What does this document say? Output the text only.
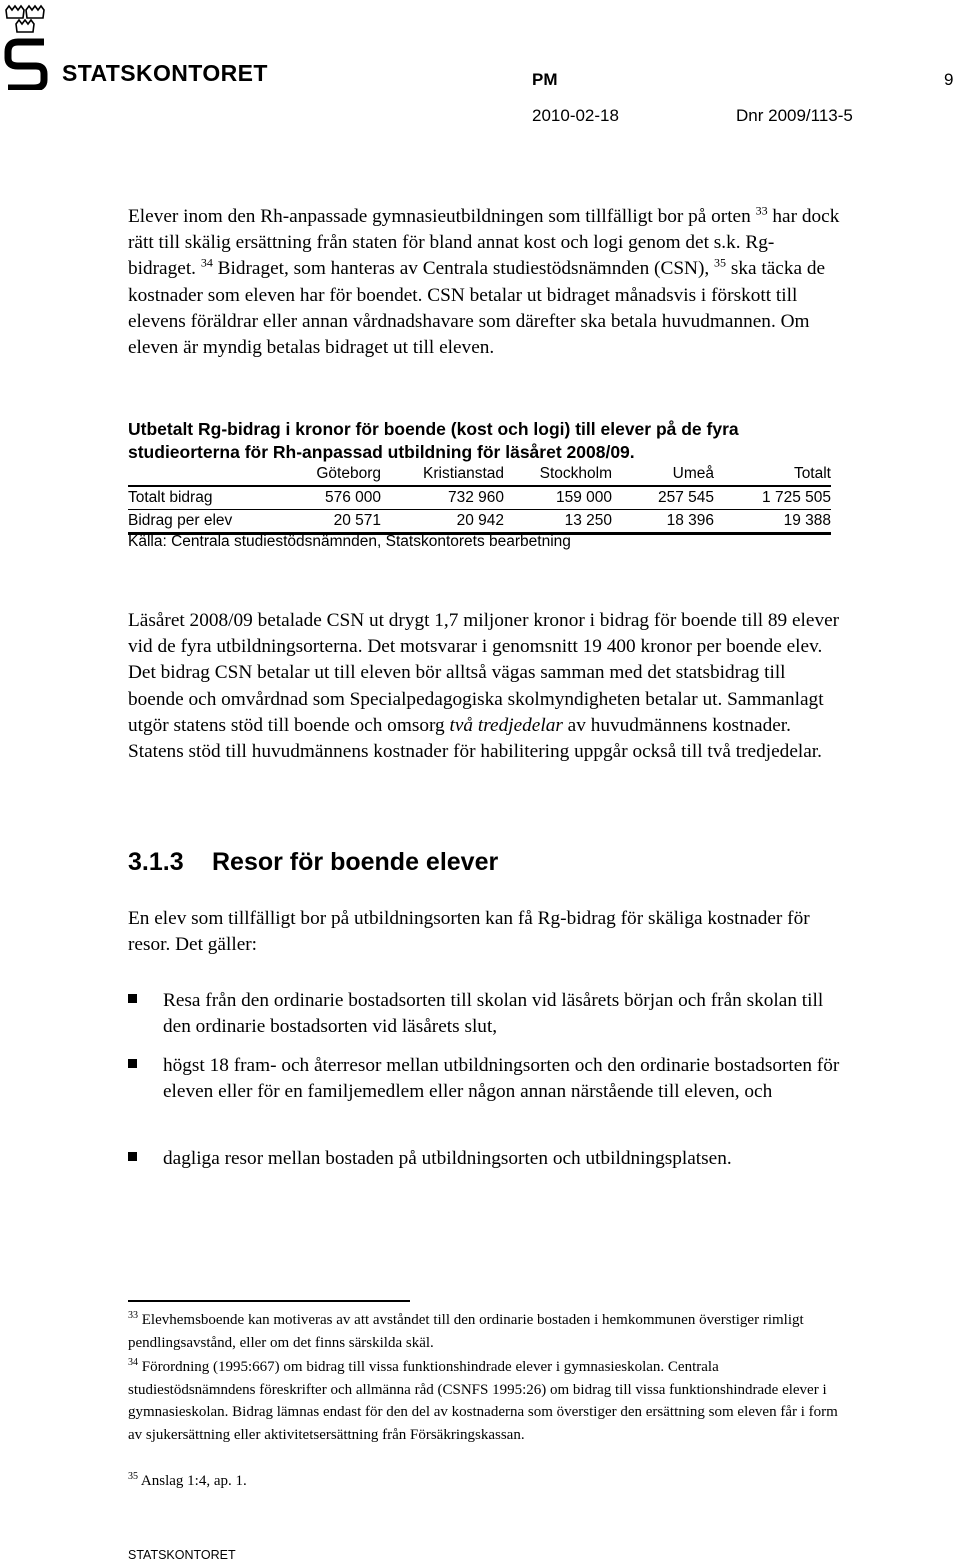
STATSKONTORET	PM	9
2010-02-18	Dnr 2009/113-5
Elever inom den Rh-anpassade gymnasieutbildningen som tillfälligt bor på orten $^{33}$ har dock rätt till skälig ersättning från staten för bland annat kost och logi genom det s.k. Rg-bidraget. $^{34}$ Bidraget, som hanteras av Centrala studiestödsnämnden (CSN), $^{35}$ ska täcka de kostnader som eleven har för boendet. CSN betalar ut bidraget månadsvis i förskott till elevens föräldrar eller annan vårdnadshavare som därefter ska betala huvudmannen. Om eleven är myndig betalas bidraget ut till eleven.
Utbetalt Rg-bidrag i kronor för boende (kost och logi) till elever på de fyra studieorterna för Rh-anpassad utbildning för läsåret 2008/09.
	Göteborg	Kristianstad	Stockholm	Umeå	Totalt
Totalt bidrag	576 000	732 960	159 000	257 545	1 725 505
Bidrag per elev	20 571	20 942	13 250	18 396	19 388
Källa: Centrala studiestödsnämnden, Statskontorets bearbetning
Läsåret 2008/09 betalade CSN ut drygt 1,7 miljoner kronor i bidrag för boende till 89 elever vid de fyra utbildningsorterna. Det motsvarar i genomsnitt 19 400 kronor per boende elev. Det bidrag CSN betalar ut till eleven bör alltså vägas samman med det statsbidrag till boende och omvårdnad som Specialpedagogiska skolmyndigheten betalar ut. Sammanlagt utgör statens stöd till boende och omsorg två tredjedelar av huvudmännens kostnader. Statens stöd till huvudmännens kostnader för habilitering uppgår också till två tredjedelar.
3.1.3 Resor för boende elever
En elev som tillfälligt bor på utbildningsorten kan få Rg-bidrag för skäliga kostnader för resor. Det gäller:
Resa från den ordinarie bostadsorten till skolan vid läsårets början och från skolan till den ordinarie bostadsorten vid läsårets slut,
högst 18 fram- och återresor mellan utbildningsorten och den ordinarie bostadsorten för eleven eller för en familjemedlem eller någon annan närstående till eleven, och
dagliga resor mellan bostaden på utbildningsorten och utbildningsplatsen.
$^{33}$ Elevhemsboende kan motiveras av att avståndet till den ordinarie bostaden i hemkommunen överstiger rimligt pendlingsavstånd, eller om det finns särskilda skäl.
$^{34}$ Förordning (1995:667) om bidrag till vissa funktionshindrade elever i gymnasieskolan. Centrala studiestödsnämndens föreskrifter och allmänna råd (CSNFS 1995:26) om bidrag till vissa funktionshindrade elever i gymnasieskolan. Bidrag lämnas endast för den del av kostnaderna som överstiger den ersättning som eleven får i form av sjukersättning eller aktivitetsersättning från Försäkringskassan.
$^{35}$ Anslag 1:4, ap. 1.
STATSKONTORET
